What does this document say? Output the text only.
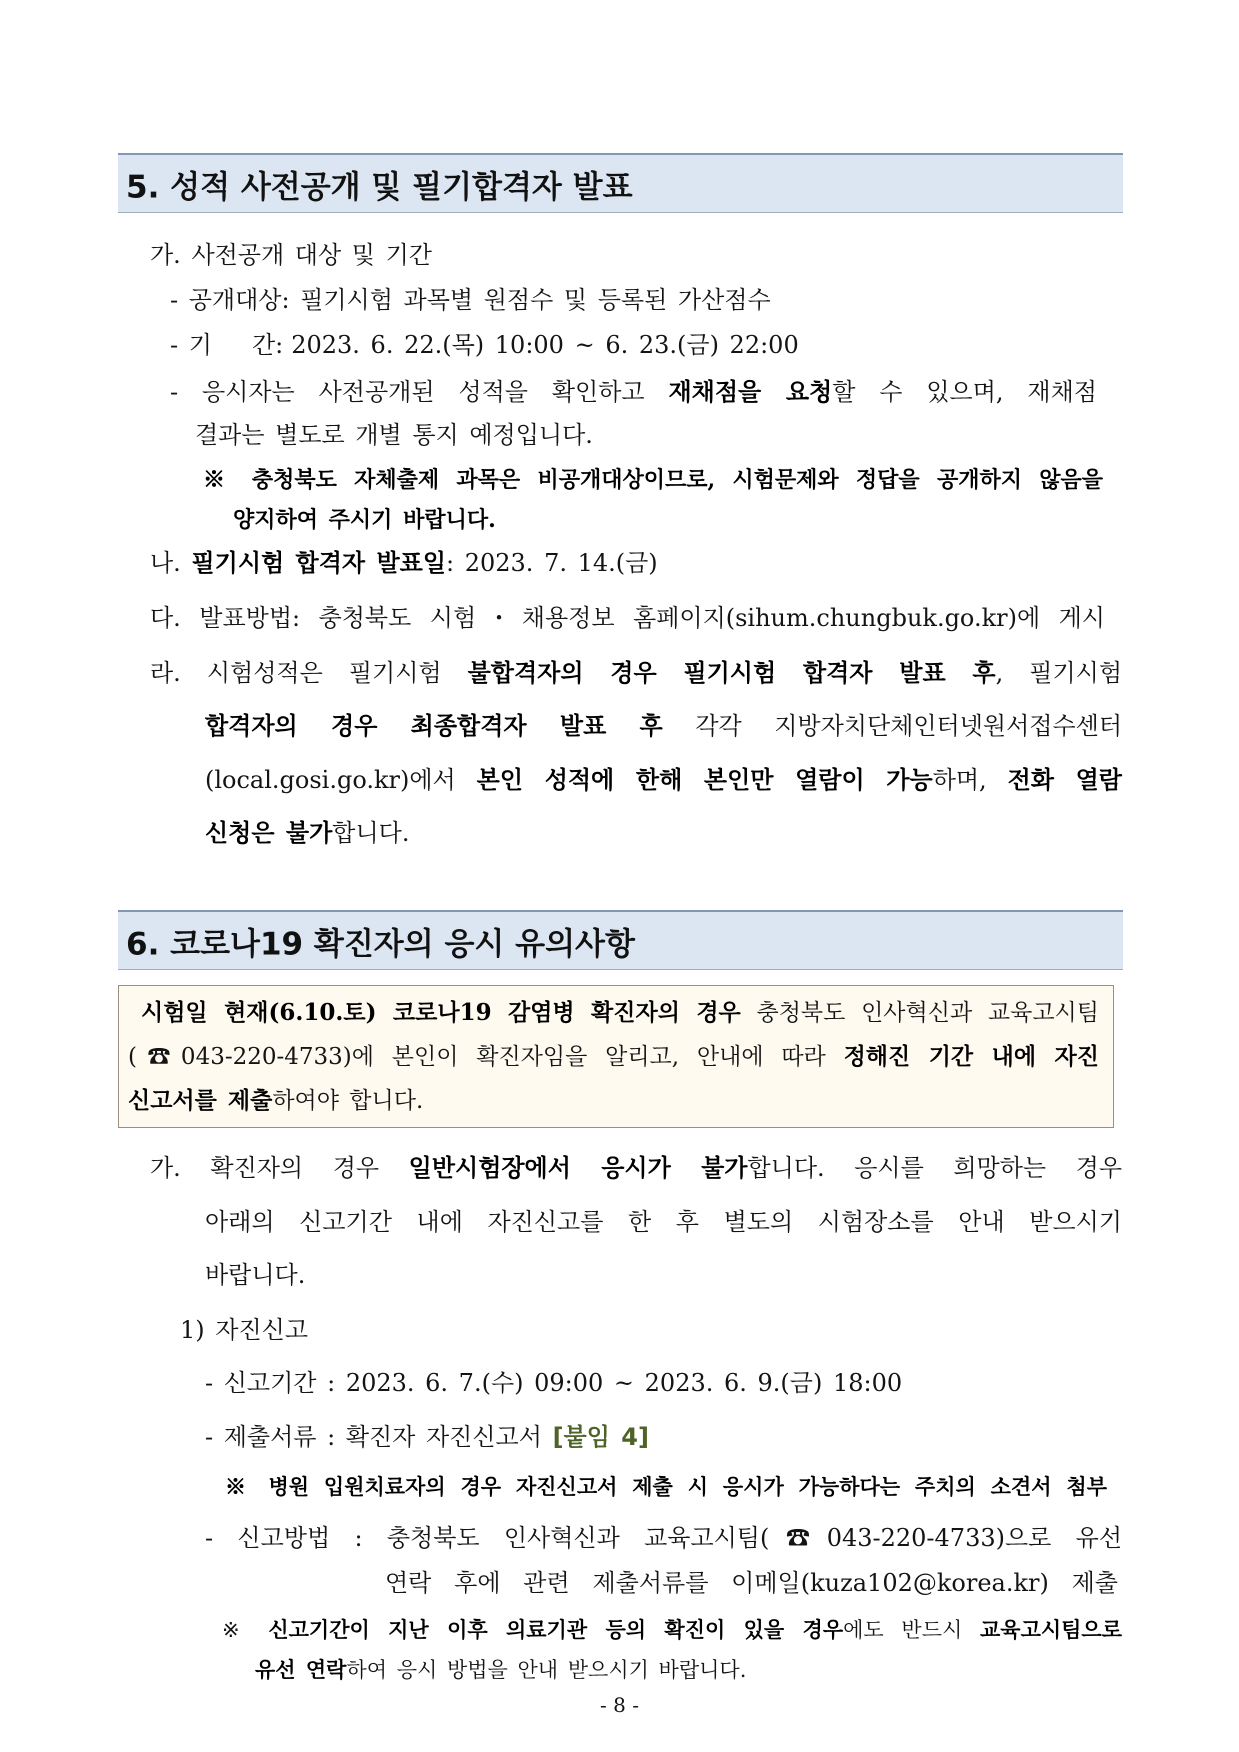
5. 성적 사전공개 및 필기합격자 발표
가. 사전공개 대상 및 기간
- 공개대상: 필기시험 과목별 원점수 및 등록된 가산점수
- 기 간: 2023. 6. 22.(목) 10:00 ~ 6. 23.(금) 22:00
- 응시자는 사전공개된 성적을 확인하고 재채점을 요청할 수 있으며, 재채점
결과는 별도로 개별 통지 예정입니다.
※ 충청북도 자체출제 과목은 비공개대상이므로, 시험문제와 정답을 공개하지 않음을
양지하여 주시기 바랍니다.
나. 필기시험 합격자 발표일: 2023. 7. 14.(금)
다. 발표방법: 충청북도 시험・채용정보 홈페이지(sihum.chungbuk.go.kr)에 게시
라. 시험성적은 필기시험 불합격자의 경우 필기시험 합격자 발표 후, 필기시험
합격자의 경우 최종합격자 발표 후 각각 지방자치단체인터넷원서접수센터
(local.gosi.go.kr)에서 본인 성적에 한해 본인만 열람이 가능하며, 전화 열람
신청은 불가합니다.
6. 코로나19 확진자의 응시 유의사항
시험일 현재(6.10.토) 코로나19 감염병 확진자의 경우 충청북도 인사혁신과 교육고시팀
(☎043-220-4733)에 본인이 확진자임을 알리고, 안내에 따라 정해진 기간 내에 자진
신고서를 제출하여야 합니다.
가. 확진자의 경우 일반시험장에서 응시가 불가합니다. 응시를 희망하는 경우
아래의 신고기간 내에 자진신고를 한 후 별도의 시험장소를 안내 받으시기
바랍니다.
1) 자진신고
- 신고기간 : 2023. 6. 7.(수) 09:00 ~ 2023. 6. 9.(금) 18:00
- 제출서류 : 확진자 자진신고서 [붙임 4]
※ 병원 입원치료자의 경우 자진신고서 제출 시 응시가 가능하다는 주치의 소견서 첨부
- 신고방법 : 충청북도 인사혁신과 교육고시팀(☎043-220-4733)으로 유선
연락 후에 관련 제출서류를 이메일(kuza102@korea.kr) 제출
※ 신고기간이 지난 이후 의료기관 등의 확진이 있을 경우에도 반드시 교육고시팀으로
유선 연락하여 응시 방법을 안내 받으시기 바랍니다.
- 8 -
